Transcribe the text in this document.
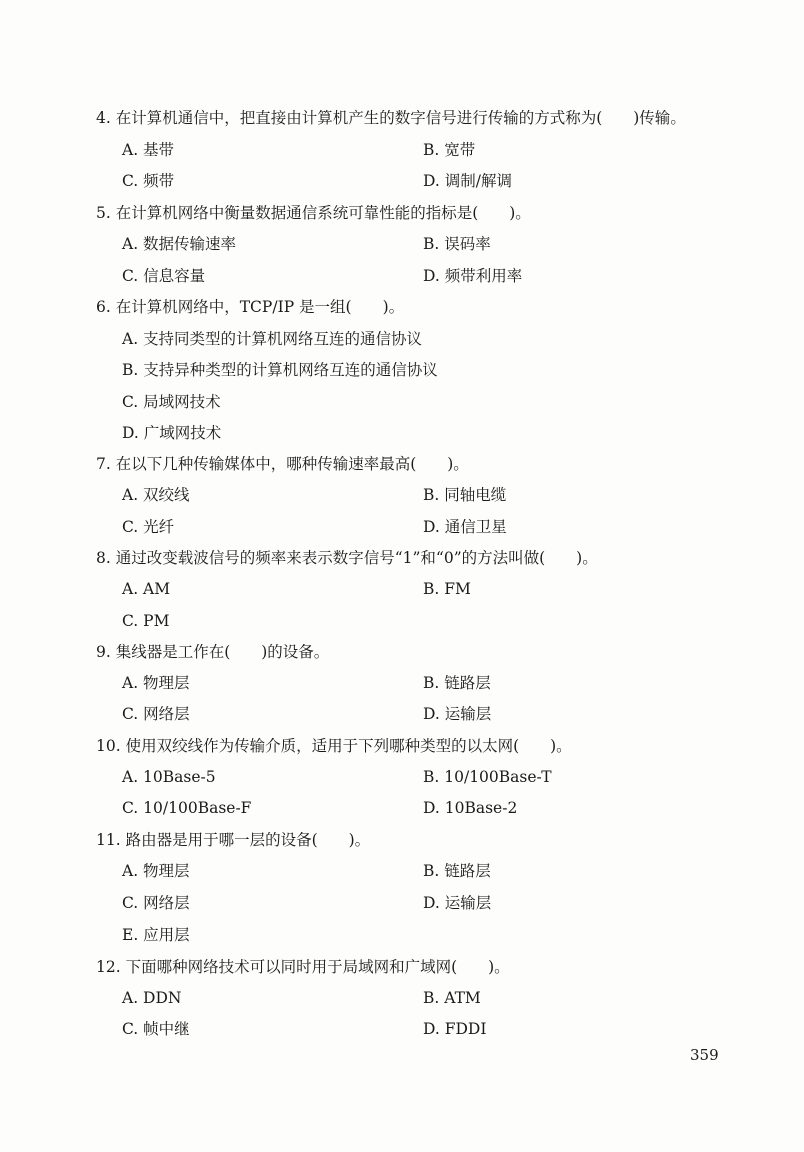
4. 在计算机通信中，把直接由计算机产生的数字信号进行传输的方式称为(　　)传输。
A. 基带	B. 宽带
C. 频带	D. 调制/解调
5. 在计算机网络中衡量数据通信系统可靠性能的指标是(　　)。
A. 数据传输速率	B. 误码率
C. 信息容量	D. 频带利用率
6. 在计算机网络中，TCP/IP 是一组(　　)。
A. 支持同类型的计算机网络互连的通信协议
B. 支持异种类型的计算机网络互连的通信协议
C. 局域网技术
D. 广域网技术
7. 在以下几种传输媒体中，哪种传输速率最高(　　)。
A. 双绞线	B. 同轴电缆
C. 光纤	D. 通信卫星
8. 通过改变载波信号的频率来表示数字信号“1”和“0”的方法叫做(　　)。
A. AM	B. FM
C. PM
9. 集线器是工作在(　　)的设备。
A. 物理层	B. 链路层
C. 网络层	D. 运输层
10. 使用双绞线作为传输介质，适用于下列哪种类型的以太网(　　)。
A. 10Base-5	B. 10/100Base-T
C. 10/100Base-F	D. 10Base-2
11. 路由器是用于哪一层的设备(　　)。
A. 物理层	B. 链路层
C. 网络层	D. 运输层
E. 应用层
12. 下面哪种网络技术可以同时用于局域网和广域网(　　)。
A. DDN	B. ATM
C. 帧中继	D. FDDI
359
